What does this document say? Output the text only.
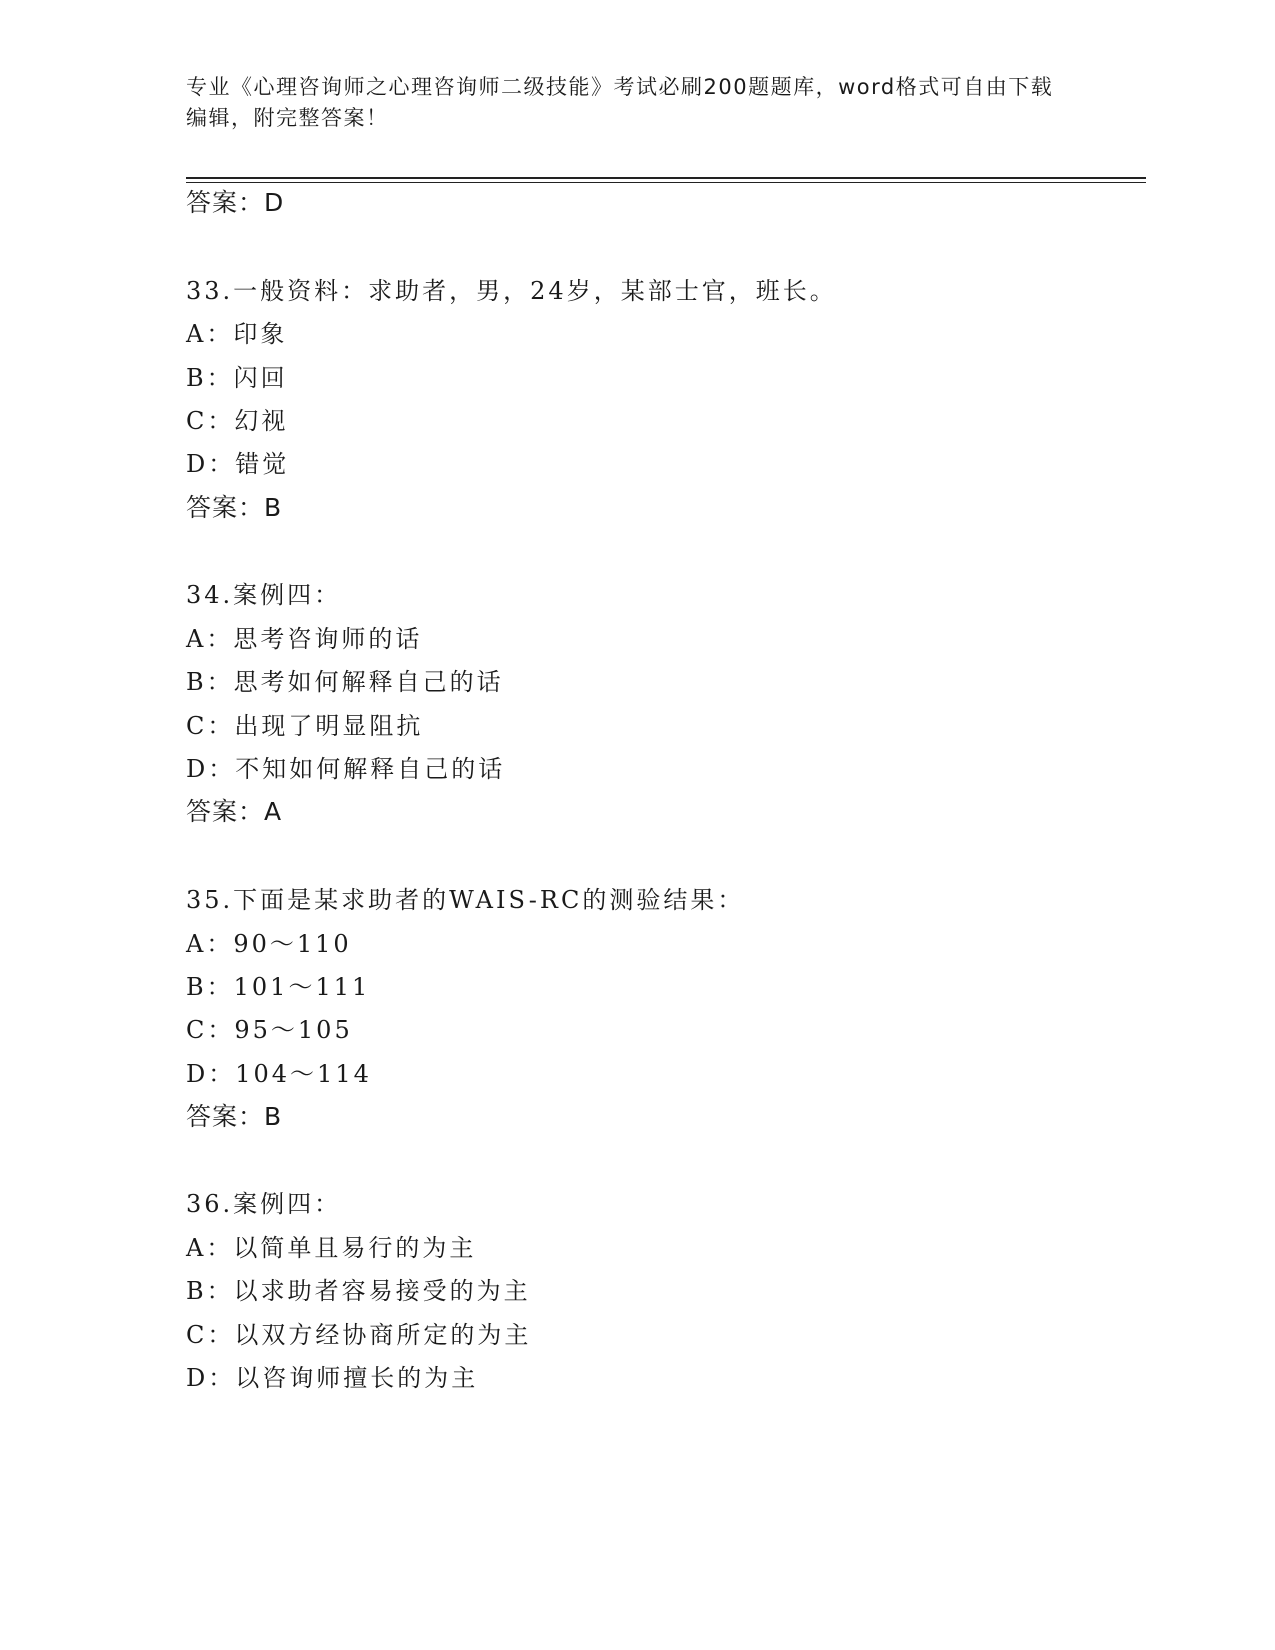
专业《心理咨询师之心理咨询师二级技能》考试必刷200题题库，word格式可自由下载编辑，附完整答案！
答案：D
33.一般资料：求助者，男，24岁，某部士官，班长。
A：印象
B：闪回
C：幻视
D：错觉
答案：B
34.案例四：
A：思考咨询师的话
B：思考如何解释自己的话
C：出现了明显阻抗
D：不知如何解释自己的话
答案：A
35.下面是某求助者的WAIS-RC的测验结果：
A：90～110
B：101～111
C：95～105
D：104～114
答案：B
36.案例四：
A：以简单且易行的为主
B：以求助者容易接受的为主
C：以双方经协商所定的为主
D：以咨询师擅长的为主
